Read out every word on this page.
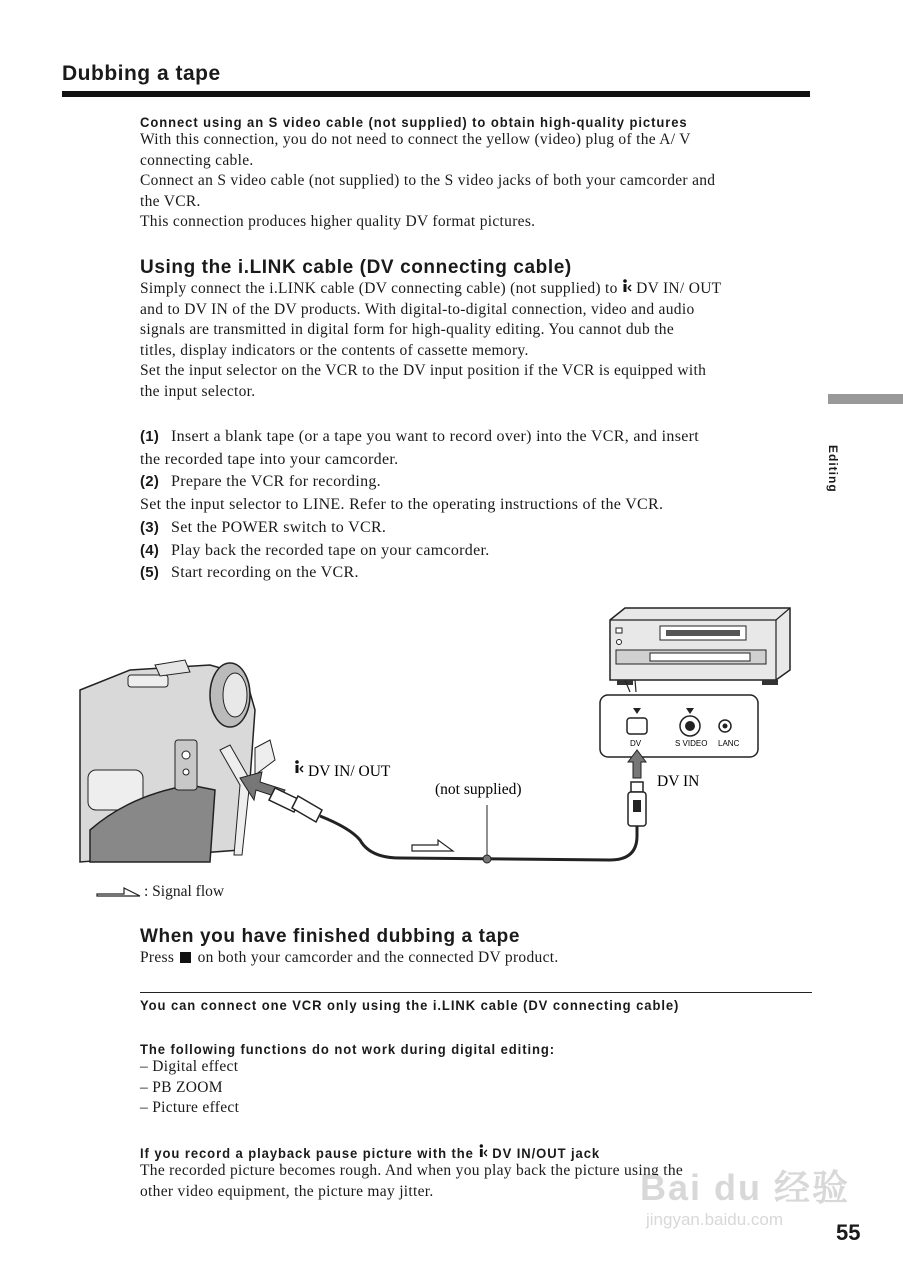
Dubbing a tape
Editing
Connect using an S video cable (not supplied) to obtain high-quality pictures
With this connection, you do not need to connect the yellow (video) plug of the A/ V
connecting cable.
Connect an S video cable (not supplied) to the S video jacks of both your camcorder and
the VCR.
This connection produces higher quality DV format pictures.
Using the i.LINK cable (DV connecting cable)
Simply connect the i.LINK cable (DV connecting cable) (not supplied) to DV IN/ OUT
and to DV IN of the DV products. With digital-to-digital connection, video and audio
signals are transmitted in digital form for high-quality editing. You cannot dub the
titles, display indicators or the contents of cassette memory.
Set the input selector on the VCR to the DV input position if the VCR is equipped with
the input selector.
(1) Insert a blank tape (or a tape you want to record over) into the VCR, and insert
the recorded tape into your camcorder.
(2) Prepare the VCR for recording.
Set the input selector to LINE. Refer to the operating instructions of the VCR.
(3) Set the POWER switch to VCR.
(4) Play back the recorded tape on your camcorder.
(5) Start recording on the VCR.
DV	S VIDEO LANC
DV IN/ OUT
(not supplied)	DV IN
: Signal flow
When you have finished dubbing a tape
Press on both your camcorder and the connected DV product.
You can connect one VCR only using the i.LINK cable (DV connecting cable)
The following functions do not work during digital editing:
– Digital effect
– PB ZOOM
– Picture effect
If you record a playback pause picture with the DV IN/OUT jack
The recorded picture becomes rough. And when you play back the picture using the
other video equipment, the picture may jitter.	Bai du 经验
jingyan.baidu.com
55
